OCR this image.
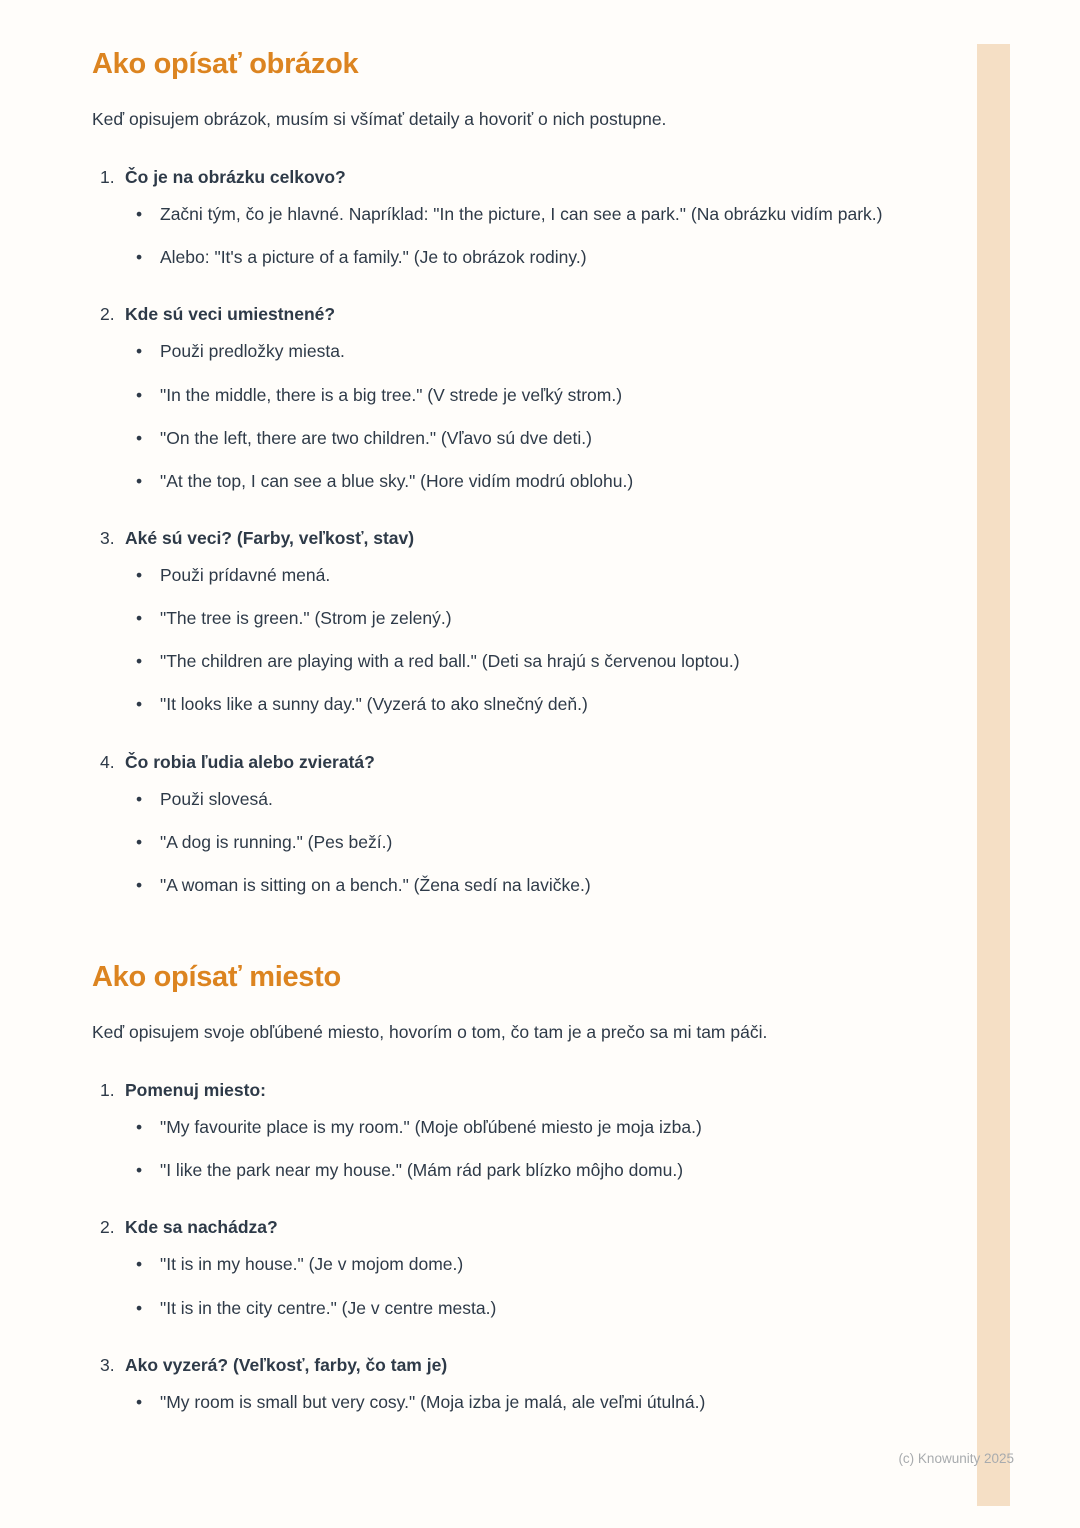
Ako opísať obrázok

Keď opisujem obrázok, musím si všímať detaily a hovoriť o nich postupne.

1. Čo je na obrázku celkovo?
•	Začni tým, čo je hlavné. Napríklad: "In the picture, I can see a park." (Na obrázku vidím park.)
•	Alebo: "It's a picture of a family." (Je to obrázok rodiny.)
2. Kde sú veci umiestnené?
•	Použi predložky miesta.
•	"In the middle, there is a big tree." (V strede je veľký strom.)
•	"On the left, there are two children." (Vľavo sú dve deti.)
•	"At the top, I can see a blue sky." (Hore vidím modrú oblohu.)
3. Aké sú veci? (Farby, veľkosť, stav)
•	Použi prídavné mená.
•	"The tree is green." (Strom je zelený.)
•	"The children are playing with a red ball." (Deti sa hrajú s červenou loptou.)
•	"It looks like a sunny day." (Vyzerá to ako slnečný deň.)
4. Čo robia ľudia alebo zvieratá?
•	Použi slovesá.
•	"A dog is running." (Pes beží.)
•	"A woman is sitting on a bench." (Žena sedí na lavičke.)
Ako opísať miesto

Keď opisujem svoje obľúbené miesto, hovorím o tom, čo tam je a prečo sa mi tam páči.

1. Pomenuj miesto:
•	"My favourite place is my room." (Moje obľúbené miesto je moja izba.)
•	"I like the park near my house." (Mám rád park blízko môjho domu.)
2. Kde sa nachádza?
•	"It is in my house." (Je v mojom dome.)
•	"It is in the city centre." (Je v centre mesta.)
3. Ako vyzerá? (Veľkosť, farby, čo tam je)
•	"My room is small but very cosy." (Moja izba je malá, ale veľmi útulná.)
(c) Knowunity 2025
